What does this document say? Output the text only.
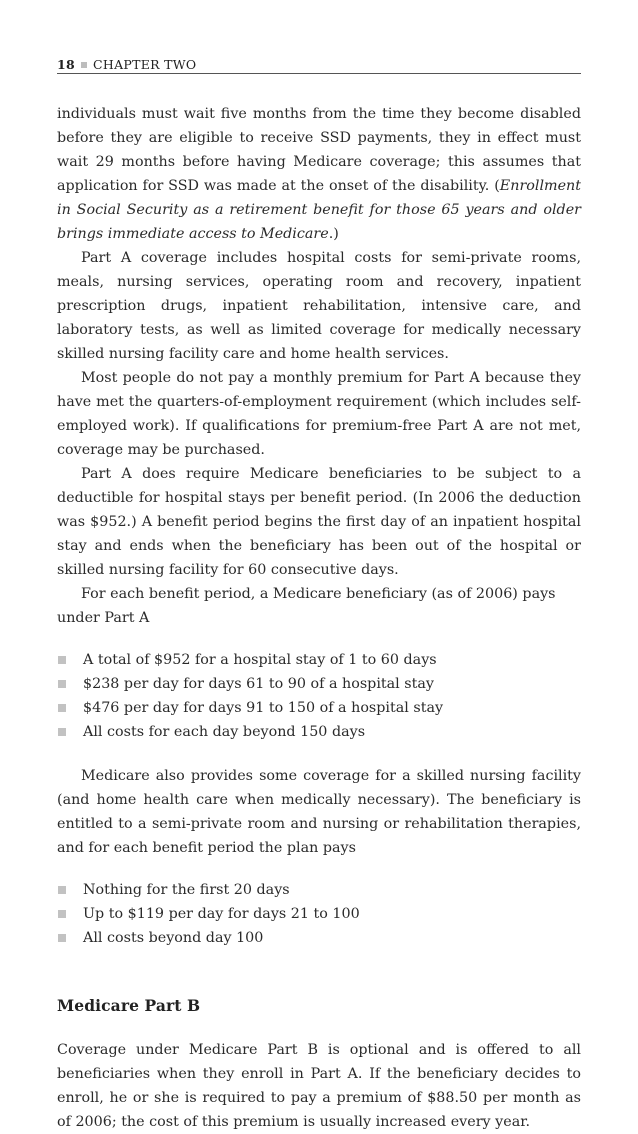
18 CHAPTER TWO

individuals must wait five months from the time they become disabled before they are eligible to receive SSD payments, they in effect must wait 29 months before having Medicare coverage; this assumes that application for SSD was made at the onset of the disability. (Enrollment in Social Security as a retirement benefit for those 65 years and older brings immediate access to Medicare.)

Part A coverage includes hospital costs for semi-private rooms, meals, nursing services, operating room and recovery, inpatient prescription drugs, inpatient rehabilitation, intensive care, and laboratory tests, as well as limited coverage for medically necessary skilled nursing facility care and home health services.

Most people do not pay a monthly premium for Part A because they have met the quarters-of-employment requirement (which includes self-employed work). If qualifications for premium-free Part A are not met, coverage may be purchased.

Part A does require Medicare beneficiaries to be subject to a deductible for hospital stays per benefit period. (In 2006 the deduction was $952.) A benefit period begins the first day of an inpatient hospital stay and ends when the beneficiary has been out of the hospital or skilled nursing facility for 60 consecutive days.

For each benefit period, a Medicare beneficiary (as of 2006) pays under Part A

A total of $952 for a hospital stay of 1 to 60 days
$238 per day for days 61 to 90 of a hospital stay
$476 per day for days 91 to 150 of a hospital stay
All costs for each day beyond 150 days

Medicare also provides some coverage for a skilled nursing facility (and home health care when medically necessary). The beneficiary is entitled to a semi-private room and nursing or rehabilitation therapies, and for each benefit period the plan pays

Nothing for the first 20 days
Up to $119 per day for days 21 to 100
All costs beyond day 100

Medicare Part B

Coverage under Medicare Part B is optional and is offered to all beneficiaries when they enroll in Part A. If the beneficiary decides to enroll, he or she is required to pay a premium of $88.50 per month as of 2006; the cost of this premium is usually increased every year.
